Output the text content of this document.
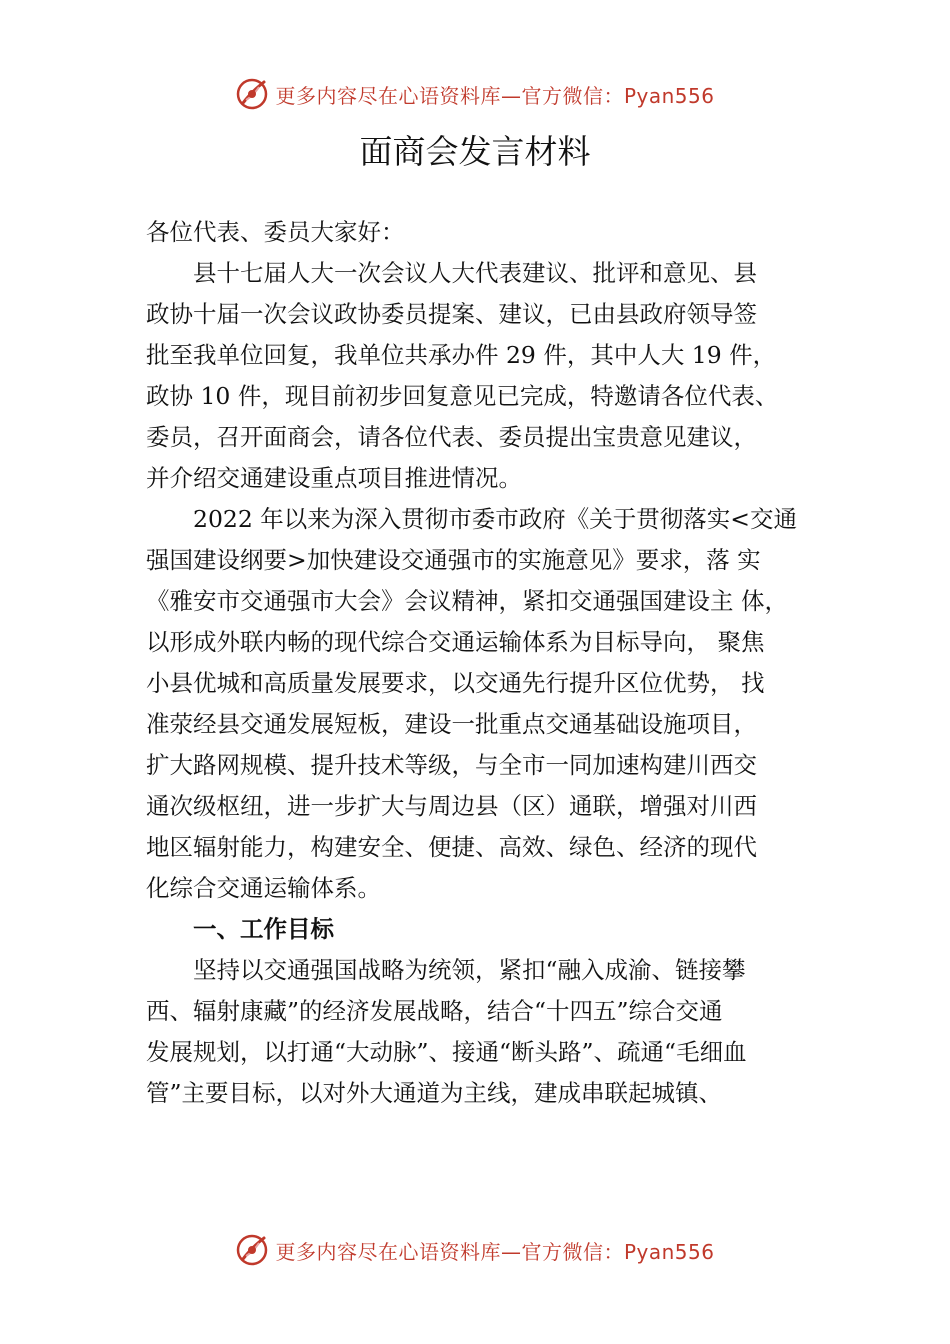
更多内容尽在心语资料库—官方微信：Pyan556
面商会发言材料
各位代表、委员大家好：
县十七届人大一次会议人大代表建议、批评和意见、县
政协十届一次会议政协委员提案、建议，已由县政府领导签
批至我单位回复，我单位共承办件 29 件，其中人大 19 件，
政协 10 件，现目前初步回复意见已完成，特邀请各位代表、
委员，召开面商会，请各位代表、委员提出宝贵意见建议，
并介绍交通建设重点项目推进情况。
2022 年以来为深入贯彻市委市政府《关于贯彻落实<交通
强国建设纲要>加快建设交通强市的实施意见》要求，落 实
《雅安市交通强市大会》会议精神，紧扣交通强国建设主 体，
以形成外联内畅的现代综合交通运输体系为目标导向， 聚焦
小县优城和高质量发展要求，以交通先行提升区位优势， 找
准荥经县交通发展短板，建设一批重点交通基础设施项目，
扩大路网规模、提升技术等级，与全市一同加速构建川西交
通次级枢纽，进一步扩大与周边县（区）通联，增强对川西
地区辐射能力，构建安全、便捷、高效、绿色、经济的现代
化综合交通运输体系。
一、工作目标
坚持以交通强国战略为统领，紧扣“融入成渝、链接攀
西、辐射康藏”的经济发展战略，结合“十四五”综合交通
发展规划，以打通“大动脉”、接通“断头路”、疏通“毛细血
管”主要目标，以对外大通道为主线，建成串联起城镇、
更多内容尽在心语资料库—官方微信：Pyan556
